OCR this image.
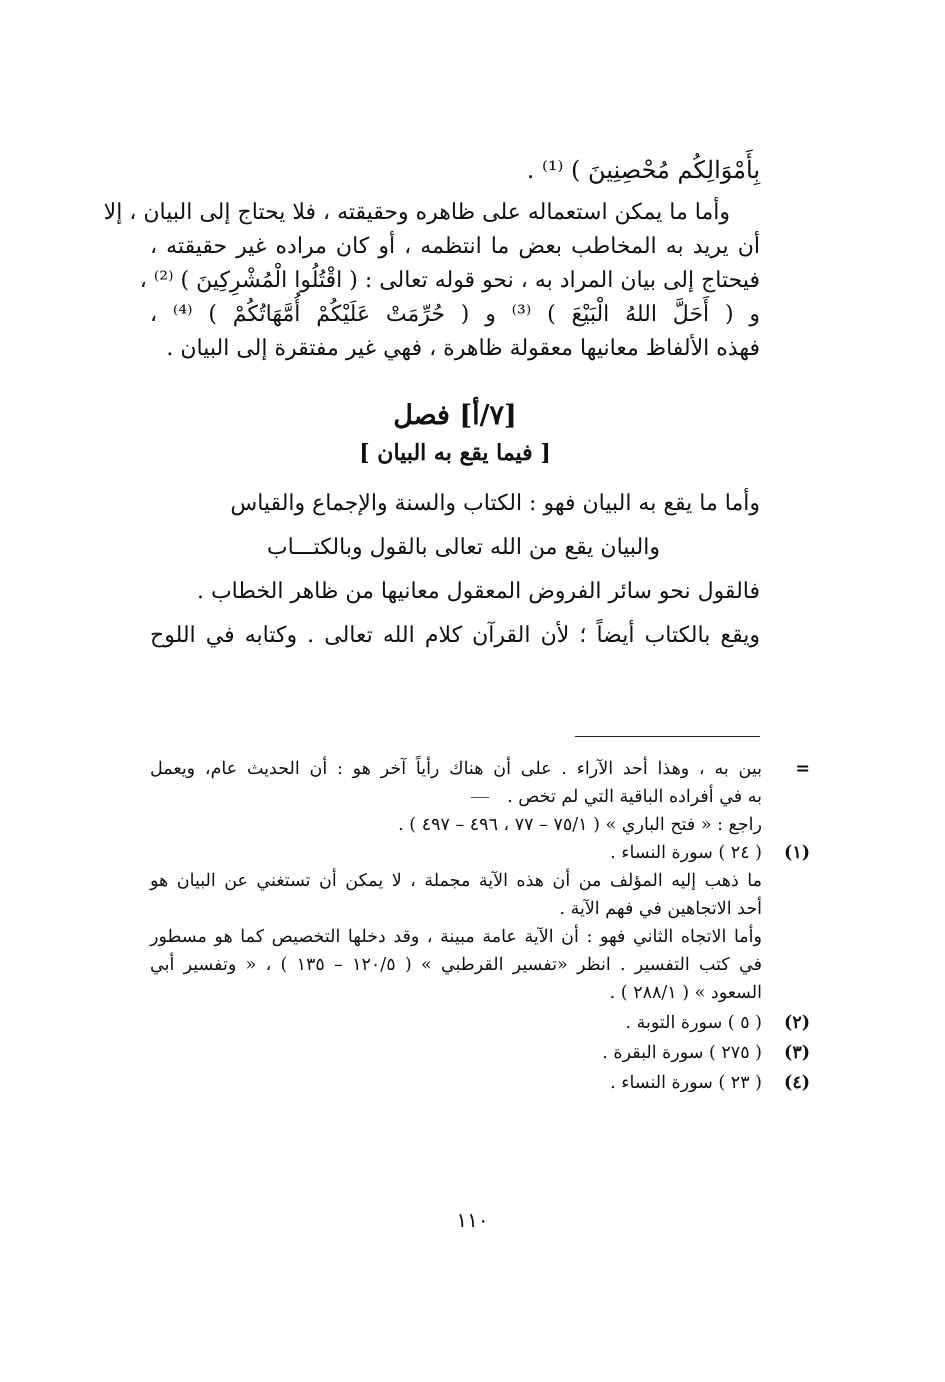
بِأَمْوَالِكُم مُحْصِنِينَ ) ⁽¹⁾ .
وأما ما يمكن استعماله على ظاهره وحقيقته ، فلا يحتاج إلى البيان ، إلا
أن يريد به المخاطب بعض ما انتظمه ، أو كان مراده غير حقيقته ،
فيحتاج إلى بيان المراد به ، نحو قوله تعالى : ( اقْتُلُوا الْمُشْرِكِينَ ) ⁽²⁾ ،
و ( أَحَلَّ اللهُ الْبَيْعَ ) ⁽³⁾ و ( حُرِّمَتْ عَلَيْكُمْ أُمَّهَاتُكُمْ ) ⁽⁴⁾ ،
فهذه الألفاظ معانيها معقولة ظاهرة ، فهي غير مفتقرة إلى البيان .
[٧/أ] فصل
[ فيما يقع به البيان ]
وأما ما يقع به البيان فهو : الكتاب والسنة والإجماع والقياس
والبيان يقع من الله تعالى بالقول وبالكتـــاب
فالقول نحو سائر الفروض المعقول معانيها من ظاهر الخطاب .
ويقع بالكتاب أيضاً ؛ لأن القرآن كلام الله تعالى . وكتابه في اللوح
=
بين به ، وهذا أحد الآراء . على أن هناك رأياً آخر هو : أن الحديث عام، ويعمل
به في أفراده الباقية التي لم تخص .
راجع : « فتح الباري » ( ٧٥/١ – ٧٧ ، ٤٩٦ – ٤٩٧ ) .
(١)
( ٢٤ ) سورة النساء .
ما ذهب إليه المؤلف من أن هذه الآية مجملة ، لا يمكن أن تستغني عن البيان هو
أحد الاتجاهين في فهم الآية .
وأما الاتجاه الثاني فهو : أن الآية عامة مبينة ، وقد دخلها التخصيص كما هو مسطور
في كتب التفسير . انظر «تفسير القرطبي » ( ١٢٠/٥ – ١٣٥ ) ، « وتفسير أبي
السعود » ( ٢٨٨/١ ) .
(٢)
( ٥ ) سورة التوبة .
(٣)
( ٢٧٥ ) سورة البقرة .
(٤)
( ٢٣ ) سورة النساء .
١١٠
